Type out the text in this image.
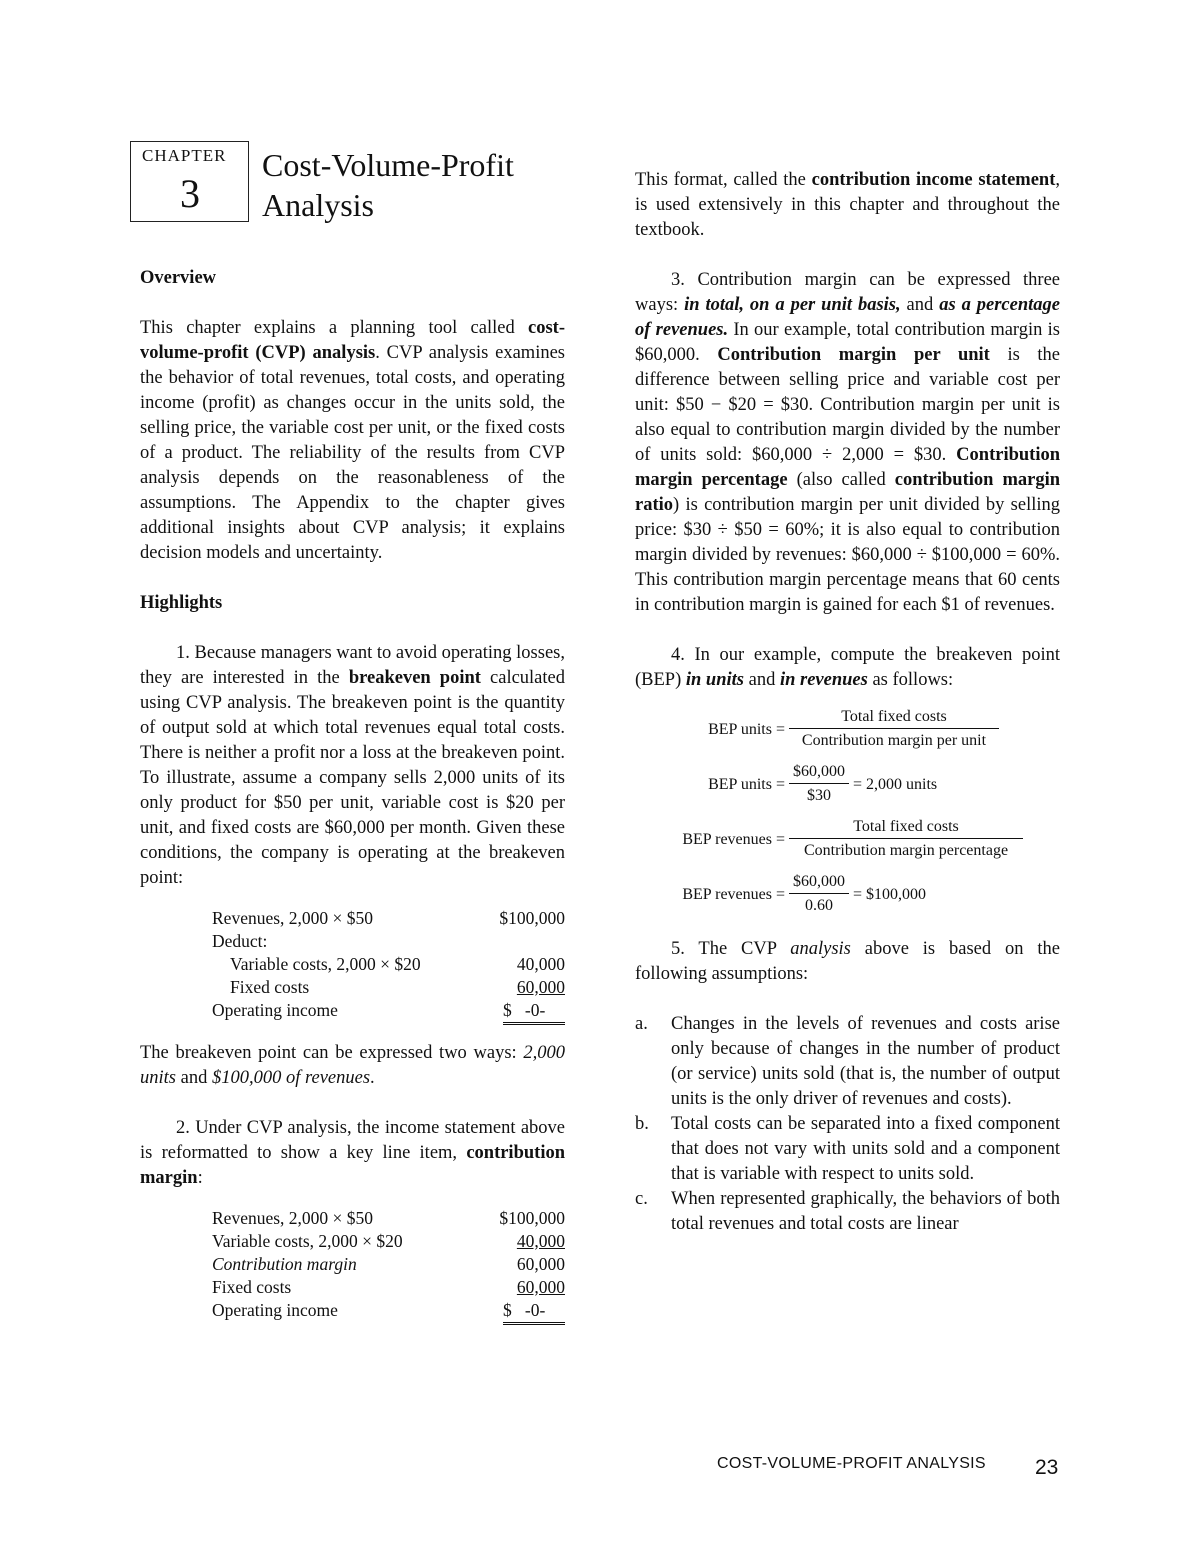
CHAPTER
3
Cost-Volume-Profit
Analysis

Overview

This chapter explains a planning tool called cost-volume-profit (CVP) analysis. CVP analysis examines the behavior of total revenues, total costs, and operating income (profit) as changes occur in the units sold, the selling price, the variable cost per unit, or the fixed costs of a product. The reliability of the results from CVP analysis depends on the reasonableness of the assumptions. The Appendix to the chapter gives additional insights about CVP analysis; it explains decision models and uncertainty.

Highlights

1. Because managers want to avoid operating losses, they are interested in the breakeven point calculated using CVP analysis. The breakeven point is the quantity of output sold at which total revenues equal total costs. There is neither a profit nor a loss at the breakeven point. To illustrate, assume a company sells 2,000 units of its only product for $50 per unit, variable cost is $20 per unit, and fixed costs are $60,000 per month. Given these conditions, the company is operating at the breakeven point:

Revenues, 2,000 × $50	$100,000
Deduct:
Variable costs, 2,000 × $20	40,000
Fixed costs	60,000
Operating income	$   -0-

The breakeven point can be expressed two ways: 2,000 units and $100,000 of revenues.

2. Under CVP analysis, the income statement above is reformatted to show a key line item, contribution margin:

Revenues, 2,000 × $50	$100,000
Variable costs, 2,000 × $20	40,000
Contribution margin	60,000
Fixed costs	60,000
Operating income	$   -0-

This format, called the contribution income statement, is used extensively in this chapter and throughout the textbook.

3. Contribution margin can be expressed three ways: in total, on a per unit basis, and as a percentage of revenues. In our example, total contribution margin is $60,000. Contribution margin per unit is the difference between selling price and variable cost per unit: $50 − $20 = $30. Contribution margin per unit is also equal to contribution margin divided by the number of units sold: $60,000 ÷ 2,000 = $30. Contribution margin percentage (also called contribution margin ratio) is contribution margin per unit divided by selling price: $30 ÷ $50 = 60%; it is also equal to contribution margin divided by revenues: $60,000 ÷ $100,000 = 60%. This contribution margin percentage means that 60 cents in contribution margin is gained for each $1 of revenues.

4. In our example, compute the breakeven point (BEP) in units and in revenues as follows:

BEP units = $\frac{\text{Total fixed costs}}{\text{Contribution margin per unit}}$
BEP units = $\frac{\$60,000}{\$30} = 2,000$ units
BEP revenues = $\frac{\text{Total fixed costs}}{\text{Contribution margin percentage}}$
BEP revenues = $\frac{\$60,000}{0.60}$ = $100,000

5. The CVP analysis above is based on the following assumptions:

a.	Changes in the levels of revenues and costs arise only because of changes in the number of product (or service) units sold (that is, the number of output units is the only driver of revenues and costs).
b.	Total costs can be separated into a fixed component that does not vary with units sold and a component that is variable with respect to units sold.
c.	When represented graphically, the behaviors of both total revenues and total costs are linear
COST-VOLUME-PROFIT ANALYSIS 23
